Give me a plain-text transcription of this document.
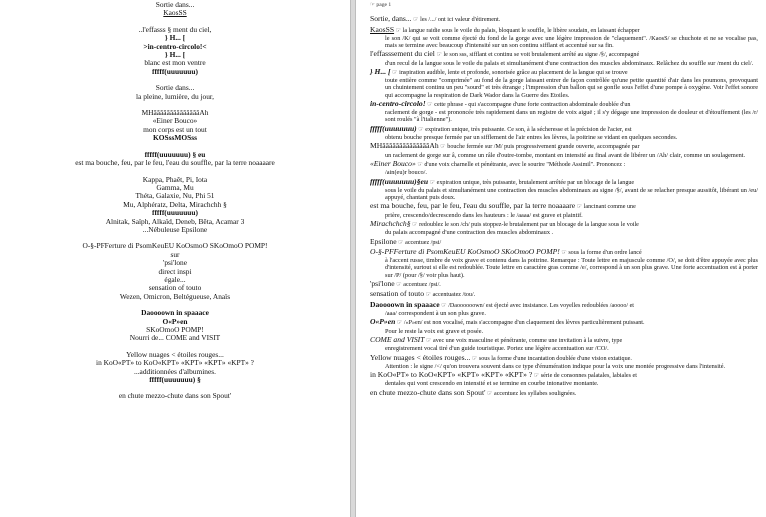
Sortie dans...
KaosSS
..l'effasss § ment du ciel,
} H... [
>in-centro-circolo!<
} H... [
blanc est mon ventre
fffff(uuuuuuu)
Sortie dans...
la pleine, lumière, du jour,
MHââââââââââââââAh
«Einer Bouco»
mon corps est un tout
KOSssMOSss
fffff(uuuuuuu) § eu
est ma bouche, feu, par le feu, l'eau du souffle, par la terre noaaaare
Kappa, Phaêt, Pi, Iota
Gamma, Mu
Théta, Galaxie, Nu, Phi 51
Mu, Alphératz, Delta, Mirachchh §
fffff(uuuuuuu)
Alnitak, Saïph, Alkaïd, Deneb, Bêta, Acamar 3
...Nébuleuse Epsilone
O-§-PFFerture di PsomKeuEU KoOsmoO SKoOmoO POMP!
sur
'psi'lone
direct inspi
égale...
sensation of touto
Wezen, Omicron, Beltégueuse, Anaïs
Daoooown in spaaace
O«P»en
SKoOmoO POMP!
Nourri de... COME and VISIT
Yellow nuages < étoiles rouges...
in KoO«PT» to KoO«KPT» «KPT» «KPT» «KPT» ?
...additionnées d'albumines.
fffff(uuuuuuu) §
en chute mezzo-chute dans son Spout'
☞ page 1
Sortie, dans... ☞ les /.../ ont ici valeur d'étirement.
KaosSS ☞ la langue raidie sous le voile du palais, bloquant le souffle, le libère soudain, en laissant échapper
le son /K/ qui se voit comme éjecté du fond de la gorge avec une légère impression de "claquement". /KaosS/ se chuchote et ne se vocalise pas, mais se termine avec beaucoup d'intensité sur un son continu sifflant et accentué sur sa fin.
l'effasssement du ciel ☞ le son sss, sifflant et continu se voit brutalement arrêté au signe /§/, accompagné
d'un recul de la langue sous le voile du palais et simultanément d'une contraction des muscles abdominaux. Relâchez du souffle sur /ment du ciel/.
} H... [ ☞ inspiration audible, lente et profonde, sonorisée grâce au placement de la langue qui se trouve
toute entière comme "comprimée" au fond de la gorge laissant entrer de façon contrôlée qu'une petite quantité d'air dans les poumons, provoquant un chuintement continu un peu "sourd" et très étrange ; l'impression d'un ballon qui se gonfle sous l'effet d'une pompe à oxygène. Voir l'effet sonore qui accompagne la respiration de Dark Wador dans la Guerre des Etoiles.
in-centro-circolo! ☞ cette phrase - qui s'accompagne d'une forte contraction abdominale doublée d'un
raclement de gorge - est prononcée très rapidement dans un registre de voix aiguë ; il s'y dégage une impression de douleur et d'étouffement (les /r/ sont roulés "à l'italienne").
fffff(uuuuuuu) ☞ expiration unique, très puissante. Ce son, à la sécheresse et la précision de l'acier, est
obtenu bouche presque fermée par un sifflement de l'air entres les lèvres, la poitrine se vidant en quelques secondes.
MHââââââââââââââAh ☞ bouche fermée sur /M/ puis progressivement grande ouverte, accompagnée par
un raclement de gorge sur â, comme un râle d'outre-tombe, montant en intensité au final avant de libérer un /Ah/ clair, comme un soulagement.
«Einer Bouco» ☞ d'une voix charnelle et pénétrante, avec le sourire "Méthode Assimil". Prononcez :
/ain(eu)r bouco/.
fffff(uuuuuuu)§eu ☞ expiration unique, très puissante, brutalement arrêtée par un blocage de la langue
sous le voile du palais et simultanément une contraction des muscles abdominaux au signe /§/, avant de se relacher presque aussitôt, libérant un /eu/ appuyé, chantant puis doux.
est ma bouche, feu, par le feu, l'eau du souffle, par la terre noaaaare ☞ lancinant comme une
prière, crescendo/decrescendo dans les hauteurs : le /aaaa/ est grave et plaintif.
Mirachchch§ ☞ redoublez le son /ch/ puis stoppez-le brutalement par un blocage de la langue sous le voile
du palais accompagné d'une contraction des muscles abdominaux .
Epsilone ☞ accentuez /psi/
O-§-PFFerture di PsomKeuEU KoOsmoO SKoOmoO POMP! ☞ sous la forme d'un ordre lancé
à l'accent russe, timbre de voix grave et contenu dans la poitrine. Remarque : Toute lettre en majuscule comme /O/, se doit d'être appuyée avec plus d'intensité, surtout si elle est redoublée. Toute lettre en caractère gras comme /e/, correspond à un son plus grave. Une forte accentuation est à porter sur /P/ (pour /§/ voir plus haut).
'psi'lone ☞ accentuez /psi/.
sensation of touto ☞ accentuatez /tou/.
Daoooown in spaaace ☞ /Daoooooown/ est éjecté avec insistance. Les voyelles redoublées /aoooo/ et
/aaa/ correspondent à un son plus grave.
O«P»en ☞ /«P»en/ est non vocalisé, mais s'accompagne d'un claquement des lèvres particulièrement puissant.
Pour le reste la voix est grave et posée.
COME and VISIT ☞ avec une voix masculine et pénétrante, comme une invitation à la suivre, type
enregistrement vocal tiré d'un guide touristique. Portez une légère accentuation sur /CO/.
Yellow nuages < étoiles rouges... ☞ sous la forme d'une incantation doublée d'une vision extatique.
Attention : le signe /</ qu'on trouvera souvent dans ce type d'énumération indique pour la voix une montée progressive dans l'intensité.
in KoO«PT» to KoO«KPT» «KPT» «KPT» «KPT» ? ☞ série de consonnes palatales, labiales et
dentales qui vont crescendo en intensité et se termine en courbe intonative montante.
en chute mezzo-chute dans son Spout' ☞ accentuez les syllabes soulignées.
